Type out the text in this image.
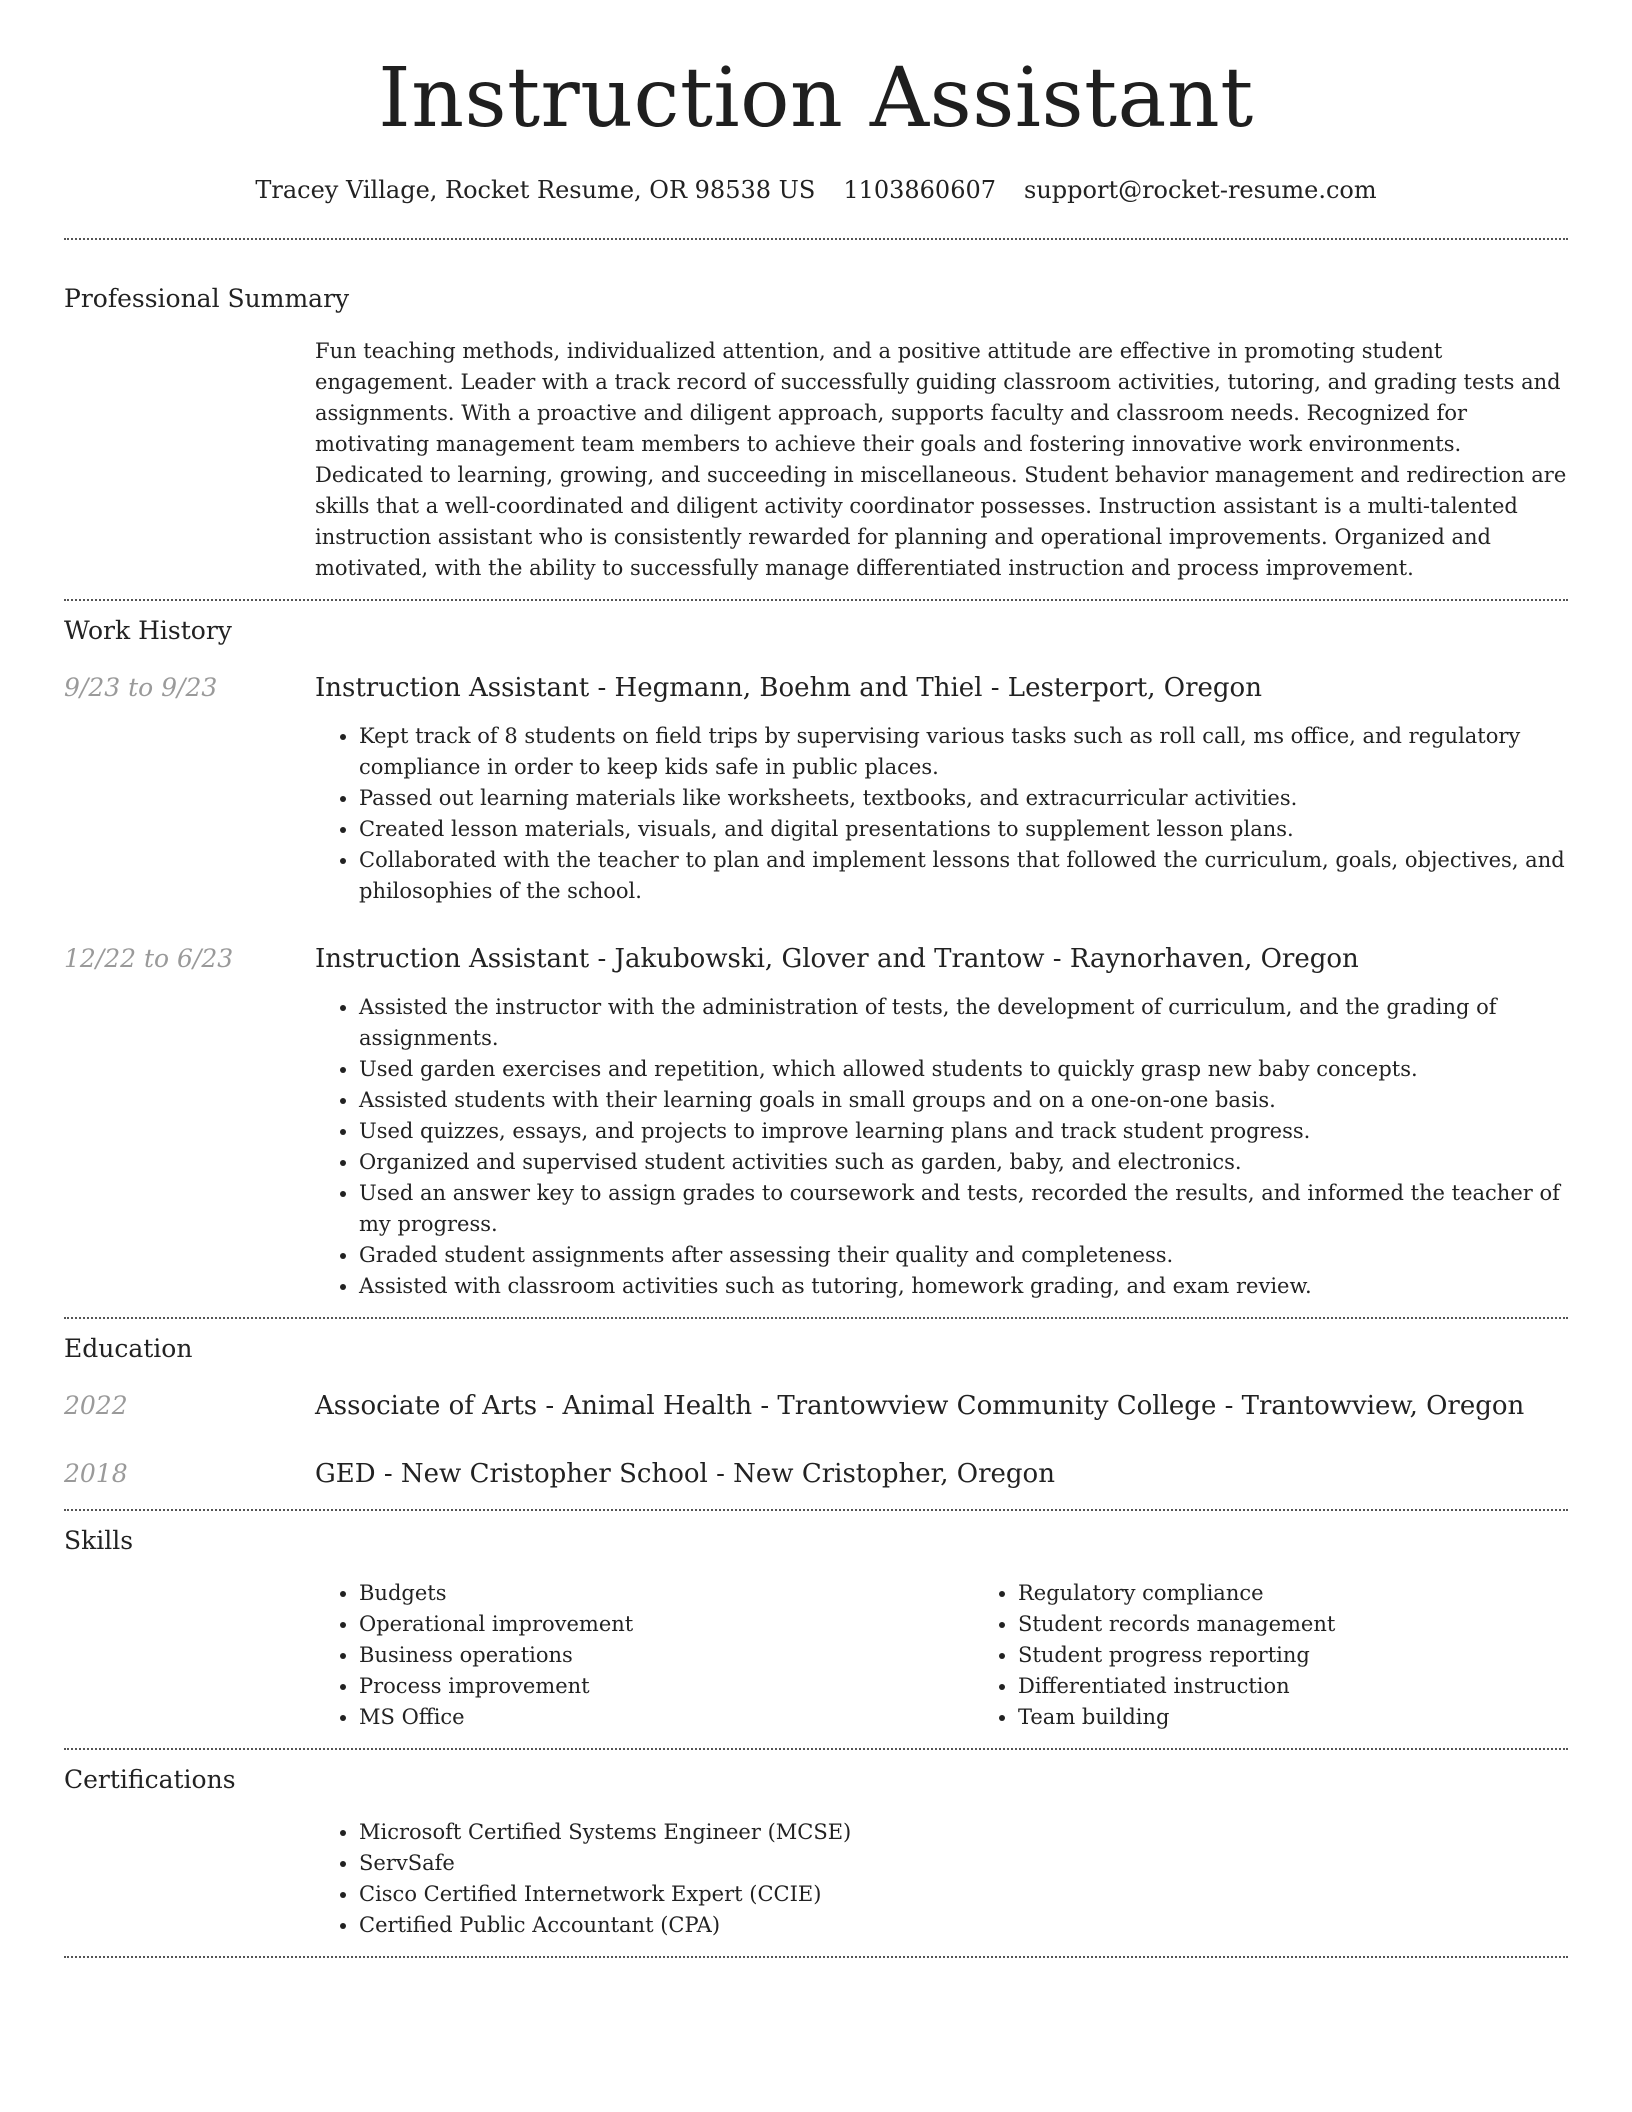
Instruction Assistant
Tracey Village, Rocket Resume, OR 98538 US 1103860607 support@rocket-resume.com
Professional Summary

Fun teaching methods, individualized attention, and a positive attitude are effective in promoting student engagement. Leader with a track record of successfully guiding classroom activities, tutoring, and grading tests and assignments. With a proactive and diligent approach, supports faculty and classroom needs. Recognized for motivating management team members to achieve their goals and fostering innovative work environments. Dedicated to learning, growing, and succeeding in miscellaneous. Student behavior management and redirection are skills that a well-coordinated and diligent activity coordinator possesses. Instruction assistant is a multi-talented instruction assistant who is consistently rewarded for planning and operational improvements. Organized and motivated, with the ability to successfully manage differentiated instruction and process improvement.

Work History
9/23 to 9/23	Instruction Assistant - Hegmann, Boehm and Thiel - Lesterport, Oregon
• Kept track of 8 students on field trips by supervising various tasks such as roll call, ms office, and regulatory compliance in order to keep kids safe in public places.
• Passed out learning materials like worksheets, textbooks, and extracurricular activities.
• Created lesson materials, visuals, and digital presentations to supplement lesson plans.
• Collaborated with the teacher to plan and implement lessons that followed the curriculum, goals, objectives, and philosophies of the school.
12/22 to 6/23	Instruction Assistant - Jakubowski, Glover and Trantow - Raynorhaven, Oregon
• Assisted the instructor with the administration of tests, the development of curriculum, and the grading of assignments.
• Used garden exercises and repetition, which allowed students to quickly grasp new baby concepts.
• Assisted students with their learning goals in small groups and on a one-on-one basis.
• Used quizzes, essays, and projects to improve learning plans and track student progress.
• Organized and supervised student activities such as garden, baby, and electronics.
• Used an answer key to assign grades to coursework and tests, recorded the results, and informed the teacher of my progress.
• Graded student assignments after assessing their quality and completeness.
• Assisted with classroom activities such as tutoring, homework grading, and exam review.
Education
2022	Associate of Arts - Animal Health - Trantowview Community College - Trantowview, Oregon
2018	GED - New Cristopher School - New Cristopher, Oregon
Skills
• Budgets
• Operational improvement
• Business operations
• Process improvement
• MS Office
• Regulatory compliance
• Student records management
• Student progress reporting
• Differentiated instruction
• Team building
Certifications
• Microsoft Certified Systems Engineer (MCSE)
• ServSafe
• Cisco Certified Internetwork Expert (CCIE)
• Certified Public Accountant (CPA)
